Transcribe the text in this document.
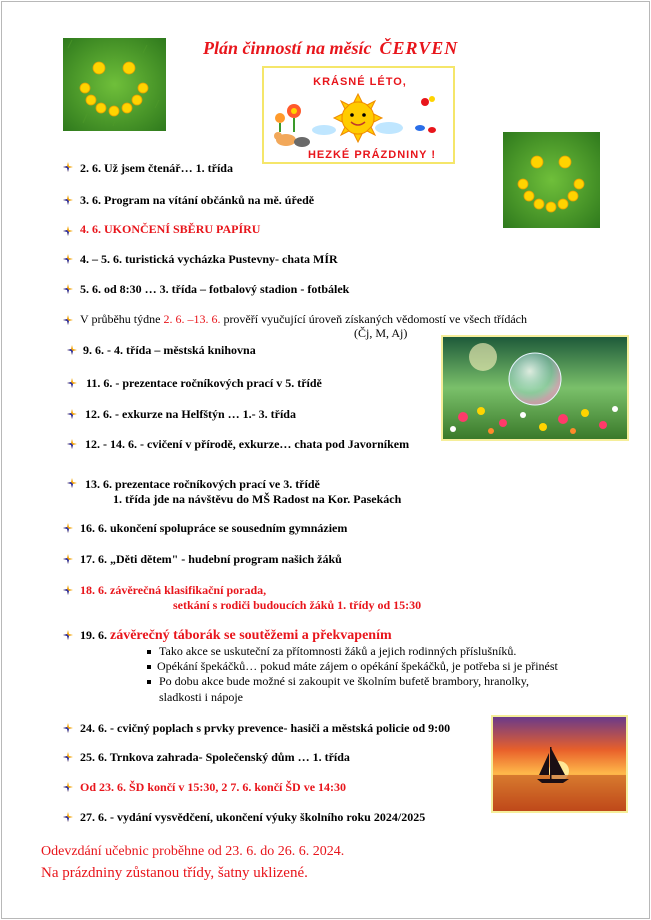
Plán činností na měsíc ČERVEN
KRÁSNÉ LÉTO,
HEZKÉ PRÁZDNINY !
2. 6. Už jsem čtenář… 1. třída
3. 6. Program na vítání občánků na mě. úředě
4. 6. UKONČENÍ SBĚRU PAPÍRU
4. – 5. 6. turistická vycházka Pustevny- chata MÍR
5. 6. od 8:30 … 3. třída – fotbalový stadion - fotbálek
V průběhu týdne 2. 6. –13. 6. prověří vyučující úroveň získaných vědomostí ve všech třídách
(Čj, M, Aj)
9. 6. - 4. třída – městská knihovna
11. 6. - prezentace ročníkových prací v 5. třídě
12. 6. - exkurze na Helfštýn … 1.- 3. třída
12. - 14. 6. - cvičení v přírodě, exkurze… chata pod Javorníkem
13. 6. prezentace ročníkových prací ve 3. třídě
1. třída jde na návštěvu do MŠ Radost na Kor. Pasekách
16. 6. ukončení spolupráce se sousedním gymnáziem
17. 6. „Děti dětem" - hudební program našich žáků
18. 6. závěrečná klasifikační porada,
setkání s rodiči budoucích žáků 1. třídy od 15:30
19. 6. závěrečný táborák se soutěžemi a překvapením
Tako akce se uskuteční za přítomnosti žáků a jejich rodinných příslušníků.
Opékání špekáčků… pokud máte zájem o opékání špekáčků, je potřeba si je přinést
Po dobu akce bude možné si zakoupit ve školním bufetě brambory, hranolky,
sladkosti i nápoje
24. 6. - cvičný poplach s prvky prevence- hasiči a městská policie od 9:00
25. 6. Trnkova zahrada- Společenský dům … 1. třída
Od 23. 6. ŠD končí v 15:30, 2 7. 6. končí ŠD ve 14:30
27. 6. - vydání vysvědčení, ukončení výuky školního roku 2024/2025
Odevzdání učebnic proběhne od 23. 6. do 26. 6. 2024.
Na prázdniny zůstanou třídy, šatny uklizené.
